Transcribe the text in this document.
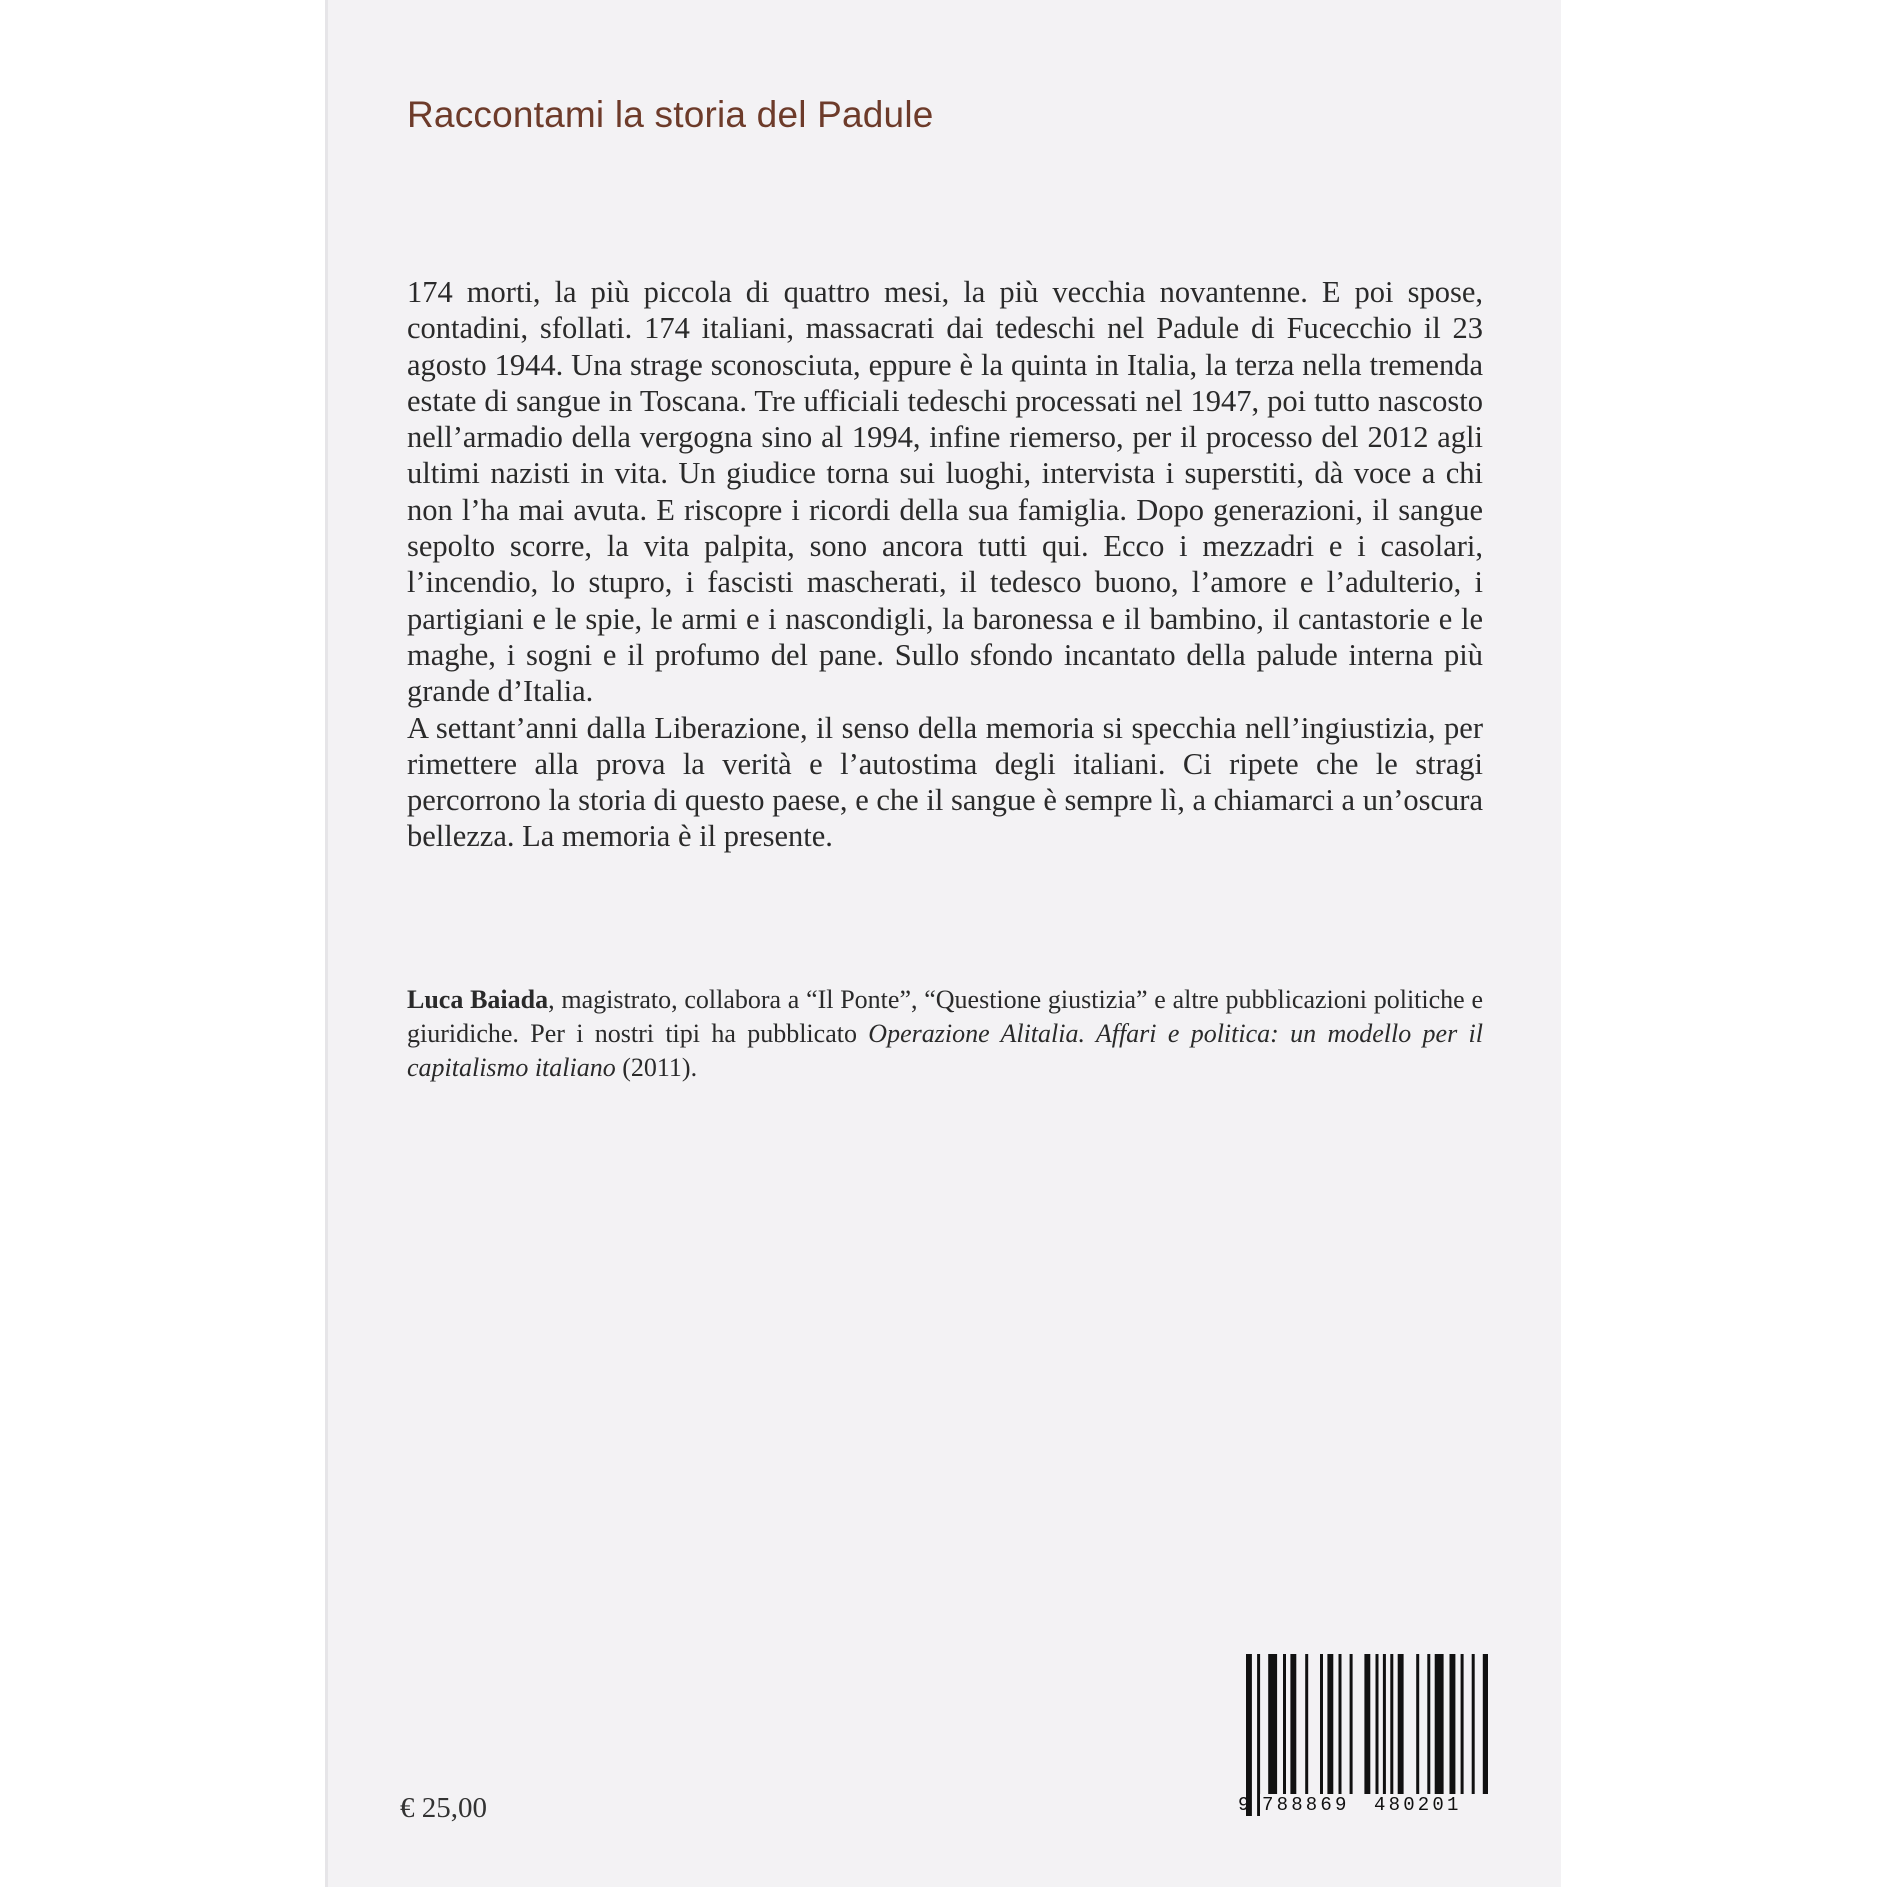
Raccontami la storia del Padule

174 morti, la più piccola di quattro mesi, la più vecchia novantenne. E poi spose, contadini, sfollati. 174 italiani, massacrati dai tedeschi nel Padule di Fucecchio il 23 agosto 1944. Una strage sconosciuta, eppure è la quinta in Italia, la terza nella tremenda estate di sangue in Toscana. Tre ufficiali tedeschi processati nel 1947, poi tutto nascosto nell’armadio della vergogna sino al 1994, infine riemerso, per il processo del 2012 agli ultimi nazisti in vita. Un giudice torna sui luoghi, intervista i superstiti, dà voce a chi non l’ha mai avuta. E riscopre i ricordi della sua famiglia. Dopo generazioni, il sangue sepolto scorre, la vita palpita, sono ancora tutti qui. Ecco i mezzadri e i casolari, l’incendio, lo stupro, i fascisti mascherati, il tedesco buono, l’amore e l’adulterio, i partigiani e le spie, le armi e i nascondigli, la baronessa e il bambino, il cantastorie e le maghe, i sogni e il profumo del pane. Sullo sfondo incantato della palude interna più grande d’Italia.

A settant’anni dalla Liberazione, il senso della memoria si specchia nell’ingiustizia, per rimettere alla prova la verità e l’autostima degli italiani. Ci ripete che le stragi percorrono la storia di questo paese, e che il sangue è sempre lì, a chiamarci a un’oscura bellezza. La memoria è il presente.

Luca Baiada, magistrato, collabora a “Il Ponte”, “Questione giustizia” e altre pubblicazioni politiche e giuridiche. Per i nostri tipi ha pubblicato Operazione Alitalia. Affari e politica: un modello per il capitalismo italiano (2011).
€ 25,00	9 788869 480201
